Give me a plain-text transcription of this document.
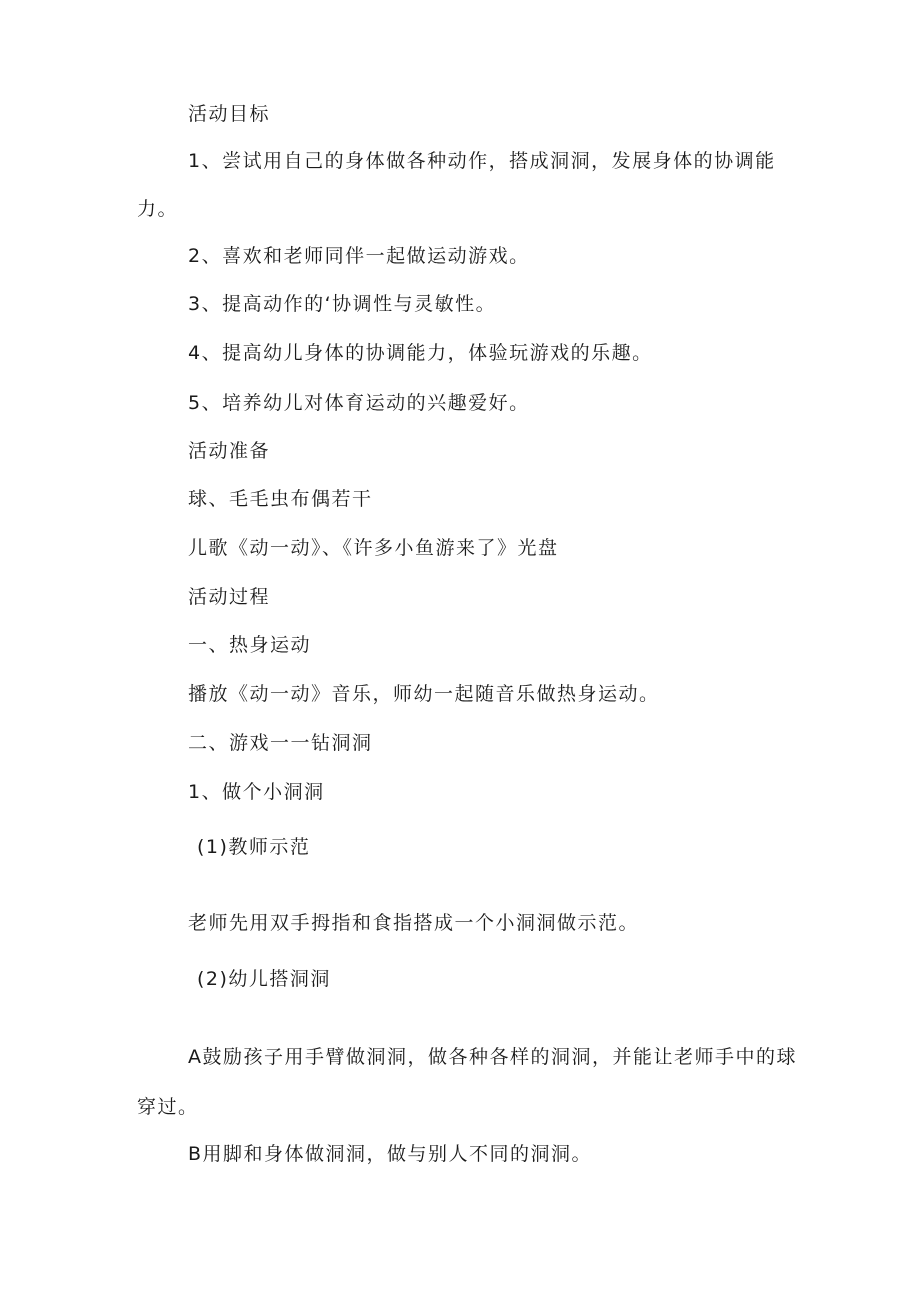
活动目标
1、尝试用自己的身体做各种动作，搭成洞洞，发展身体的协调能
力。
2、喜欢和老师同伴一起做运动游戏。
3、提高动作的‘协调性与灵敏性。
4、提高幼儿身体的协调能力，体验玩游戏的乐趣。
5、培养幼儿对体育运动的兴趣爱好。
活动准备
球、毛毛虫布偶若干
儿歌《动一动》、《许多小鱼游来了》光盘
活动过程
一、热身运动
播放《动一动》音乐，师幼一起随音乐做热身运动。
二、游戏一一钻洞洞
1、做个小洞洞
(1)教师示范
老师先用双手拇指和食指搭成一个小洞洞做示范。
(2)幼儿搭洞洞
A鼓励孩子用手臂做洞洞，做各种各样的洞洞，并能让老师手中的球
穿过。
B用脚和身体做洞洞，做与别人不同的洞洞。
